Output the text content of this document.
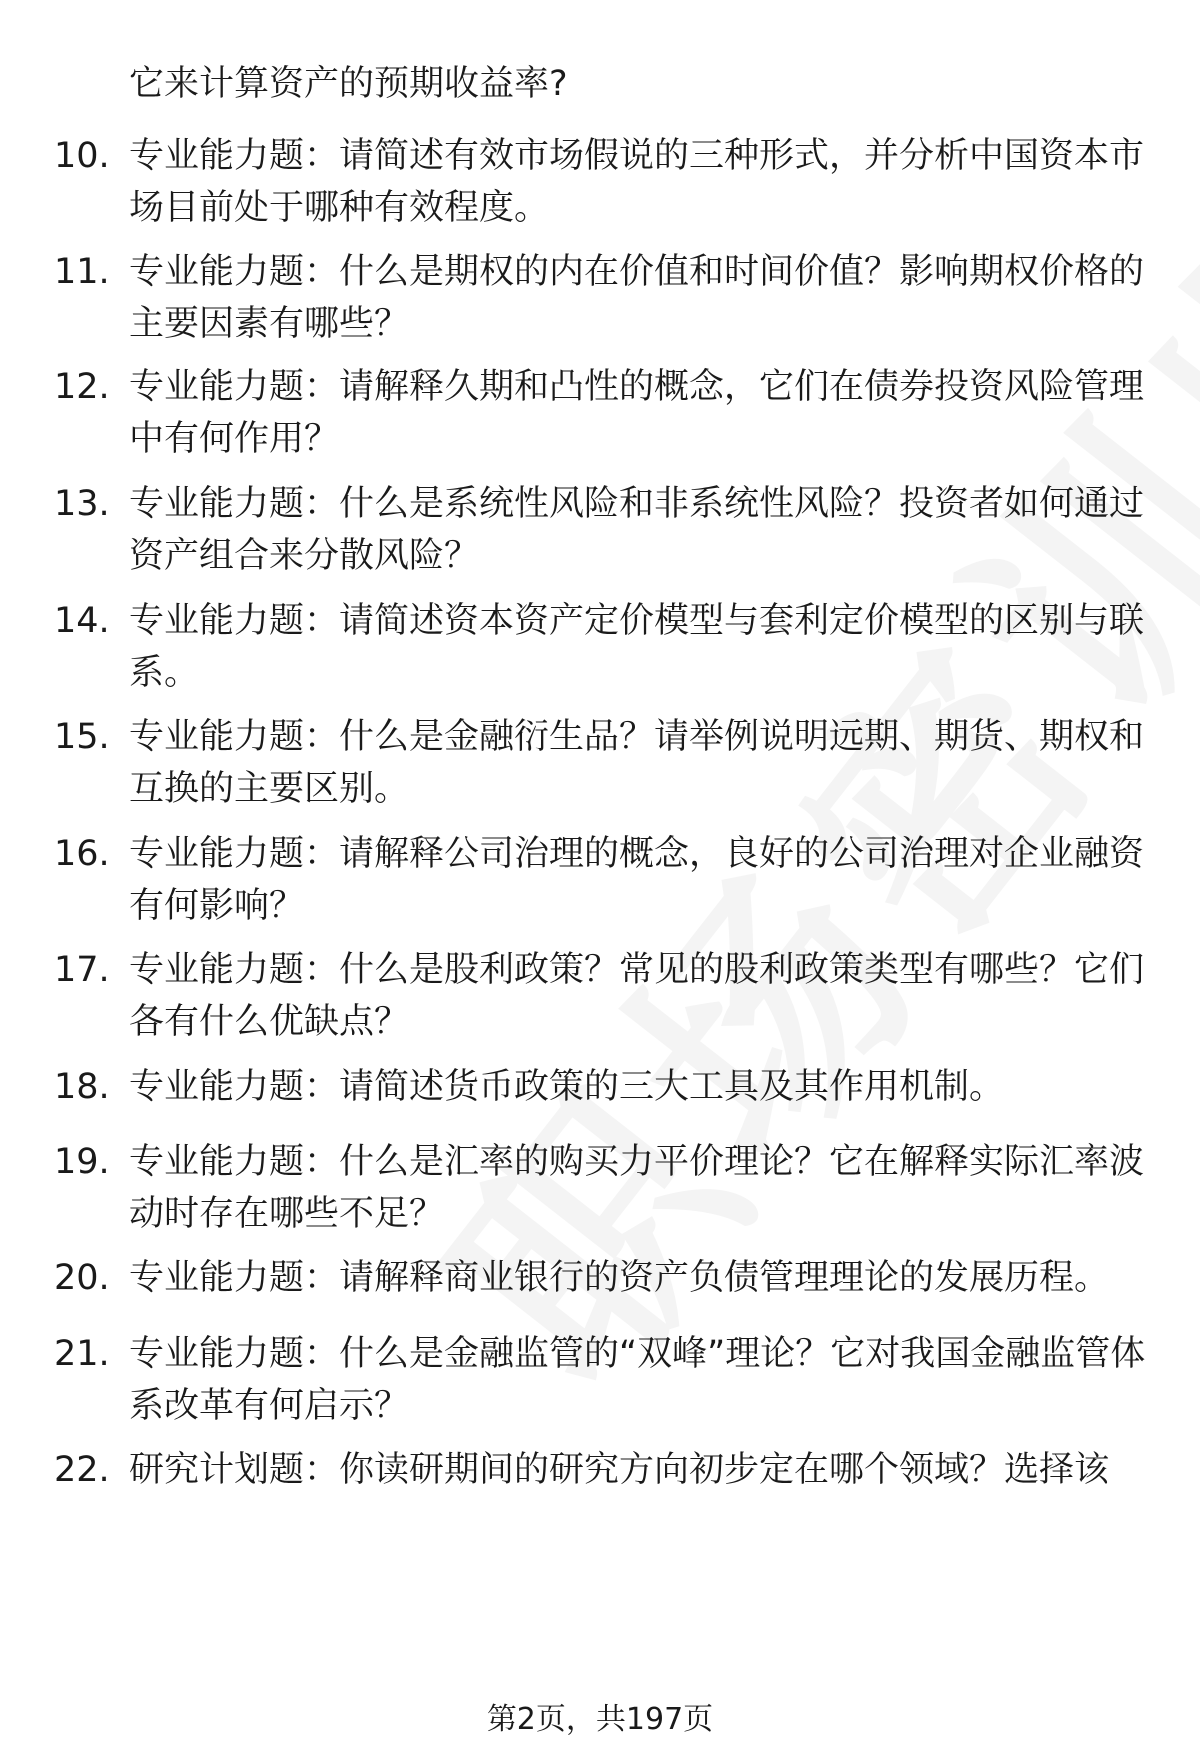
它来计算资产的预期收益率?
10. 专业能力题：请简述有效市场假说的三种形式，并分析中国资本市场目前处于哪种有效程度。
11. 专业能力题：什么是期权的内在价值和时间价值？影响期权价格的主要因素有哪些？
12. 专业能力题：请解释久期和凸性的概念，它们在债券投资风险管理中有何作用？
13. 专业能力题：什么是系统性风险和非系统性风险？投资者如何通过资产组合来分散风险？
14. 专业能力题：请简述资本资产定价模型与套利定价模型的区别与联系。
15. 专业能力题：什么是金融衍生品？请举例说明远期、期货、期权和互换的主要区别。
16. 专业能力题：请解释公司治理的概念，良好的公司治理对企业融资有何影响？
17. 专业能力题：什么是股利政策？常见的股利政策类型有哪些？它们各有什么优缺点？
18. 专业能力题：请简述货币政策的三大工具及其作用机制。
19. 专业能力题：什么是汇率的购买力平价理论？它在解释实际汇率波动时存在哪些不足？
20. 专业能力题：请解释商业银行的资产负债管理理论的发展历程。
21. 专业能力题：什么是金融监管的“双峰”理论？它对我国金融监管体系改革有何启示？
22. 研究计划题：你读研期间的研究方向初步定在哪个领域？选择该
第2页，共197页
